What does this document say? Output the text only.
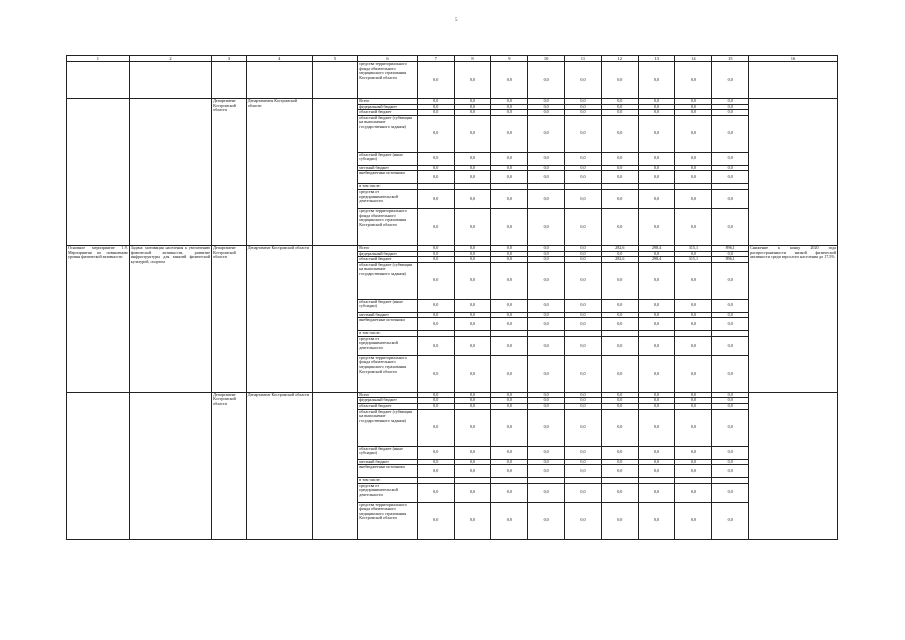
5
1	2	3	4	5	6	7	8	9	10	11	12	13	14	15	16
					средства территориального фонда обязательного медицинского страхования Костромской области	0,0	0,0	0,0	0,0	0,0	0,0	0,0	0,0	0,0	
		Департамент Костромской области	Департаменты Костромской области		Всего	0,0	0,0	0,0	0,0	0,0	0,0	0,0	0,0	0,0	
					федеральный бюджет	0,0	0,0	0,0	0,0	0,0	0,0	0,0	0,0	0,0	
					областной бюджет	0,0	0,0	0,0	0,0	0,0	0,0	0,0	0,0	0,0	
					областной бюджет (субвенции на выполнение государственного задания)	0,0	0,0	0,0	0,0	0,0	0,0	0,0	0,0	0,0	
					областной бюджет (иные субсидии)	0,0	0,0	0,0	0,0	0,0	0,0	0,0	0,0	0,0	
					местный бюджет	0,0	0,0	0,0	0,0	0,0	0,0	0,0	0,0	0,0	
					внебюджетные источники	0,0	0,0	0,0	0,0	0,0	0,0	0,0	0,0	0,0	
					в том числе:										
					средства от предпринимательской деятельности	0,0	0,0	0,0	0,0	0,0	0,0	0,0	0,0	0,0	
					средства территориального фонда обязательного медицинского страхования Костромской области	0,0	0,0	0,0	0,0	0,0	0,0	0,0	0,0	0,0	
Основное мероприятие 1.9. Мероприятия по повышению уровня физической активности	Задача: мотивация населения к увеличению физической активности, развитие инфраструктуры для занятий физической культурой, спортом	Департамент Костромской области	Департамент Костромской области		Всего	0,0	0,0	0,0	0,0	0,0	282,6	298,4	315,1	896,1	Снижение к концу 2020 года распространенности низкой физической активности среди взрослого населения до 17,5%
					федеральный бюджет	0,0	0,0	0,0	0,0	0,0	0,0	0,0	0,0	0,0	
					областной бюджет	0,0	0,0	0,0	0,0	0,0	282,6	298,4	315,1	896,1	
					областной бюджет (субвенции на выполнение государственного задания)	0,0	0,0	0,0	0,0	0,0	0,0	0,0	0,0	0,0	
					областной бюджет (иные субсидии)	0,0	0,0	0,0	0,0	0,0	0,0	0,0	0,0	0,0	
					местный бюджет	0,0	0,0	0,0	0,0	0,0	0,0	0,0	0,0	0,0	
					внебюджетные источники	0,0	0,0	0,0	0,0	0,0	0,0	0,0	0,0	0,0	
					в том числе:										
					средства от предпринимательской деятельности	0,0	0,0	0,0	0,0	0,0	0,0	0,0	0,0	0,0	
					средства территориального фонда обязательного медицинского страхования Костромской области	0,0	0,0	0,0	0,0	0,0	0,0	0,0	0,0	0,0	
		Департамент Костромской области	Департамент Костромской области		Всего	0,0	0,0	0,0	0,0	0,0	0,0	0,0	0,0	0,0	
					федеральный бюджет	0,0	0,0	0,0	0,0	0,0	0,0	0,0	0,0	0,0	
					областной бюджет	0,0	0,0	0,0	0,0	0,0	0,0	0,0	0,0	0,0	
					областной бюджет (субвенции на выполнение государственного задания)	0,0	0,0	0,0	0,0	0,0	0,0	0,0	0,0	0,0	
					областной бюджет (иные субсидии)	0,0	0,0	0,0	0,0	0,0	0,0	0,0	0,0	0,0	
					местный бюджет	0,0	0,0	0,0	0,0	0,0	0,0	0,0	0,0	0,0	
					внебюджетные источники	0,0	0,0	0,0	0,0	0,0	0,0	0,0	0,0	0,0	
					в том числе:										
					средства от предпринимательской деятельности	0,0	0,0	0,0	0,0	0,0	0,0	0,0	0,0	0,0	
					средства территориального фонда обязательного медицинского страхования Костромской области	0,0	0,0	0,0	0,0	0,0	0,0	0,0	0,0	0,0	
